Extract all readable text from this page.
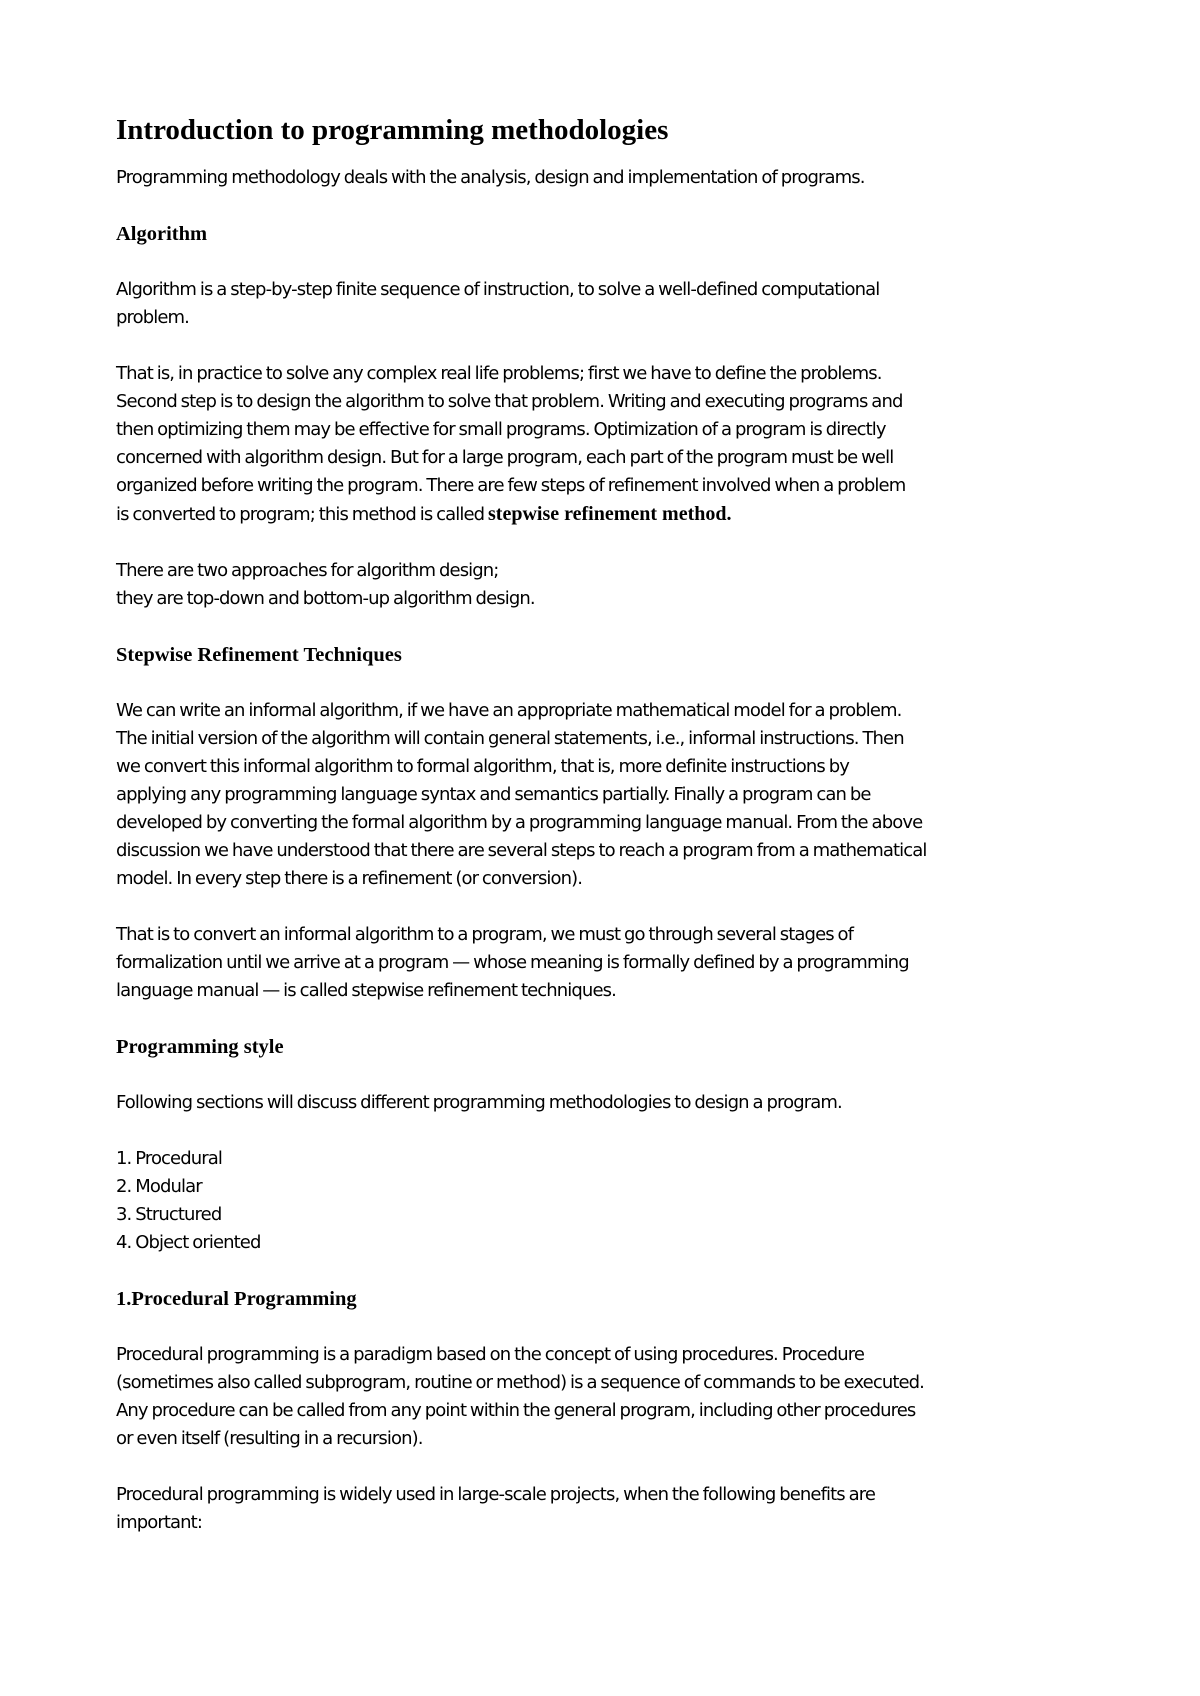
Introduction to programming methodologies

Programming methodology deals with the analysis, design and implementation of programs.

Algorithm

Algorithm is a step-by-step finite sequence of instruction, to solve a well-defined computational
problem.

That is, in practice to solve any complex real life problems; first we have to define the problems.
Second step is to design the algorithm to solve that problem. Writing and executing programs and
then optimizing them may be effective for small programs. Optimization of a program is directly
concerned with algorithm design. But for a large program, each part of the program must be well
organized before writing the program. There are few steps of refinement involved when a problem
is converted to program; this method is called stepwise refinement method.

There are two approaches for algorithm design;
they are top-down and bottom-up algorithm design.

Stepwise Refinement Techniques

We can write an informal algorithm, if we have an appropriate mathematical model for a problem.
The initial version of the algorithm will contain general statements, i.e., informal instructions. Then
we convert this informal algorithm to formal algorithm, that is, more definite instructions by
applying any programming language syntax and semantics partially. Finally a program can be
developed by converting the formal algorithm by a programming language manual. From the above
discussion we have understood that there are several steps to reach a program from a mathematical
model. In every step there is a refinement (or conversion).

That is to convert an informal algorithm to a program, we must go through several stages of
formalization until we arrive at a program — whose meaning is formally defined by a programming
language manual — is called stepwise refinement techniques.

Programming style

Following sections will discuss different programming methodologies to design a program.

1. Procedural
2. Modular
3. Structured
4. Object oriented
1.Procedural Programming

Procedural programming is a paradigm based on the concept of using procedures. Procedure
(sometimes also called subprogram, routine or method) is a sequence of commands to be executed.
Any procedure can be called from any point within the general program, including other procedures
or even itself (resulting in a recursion).

Procedural programming is widely used in large-scale projects, when the following benefits are
important:
